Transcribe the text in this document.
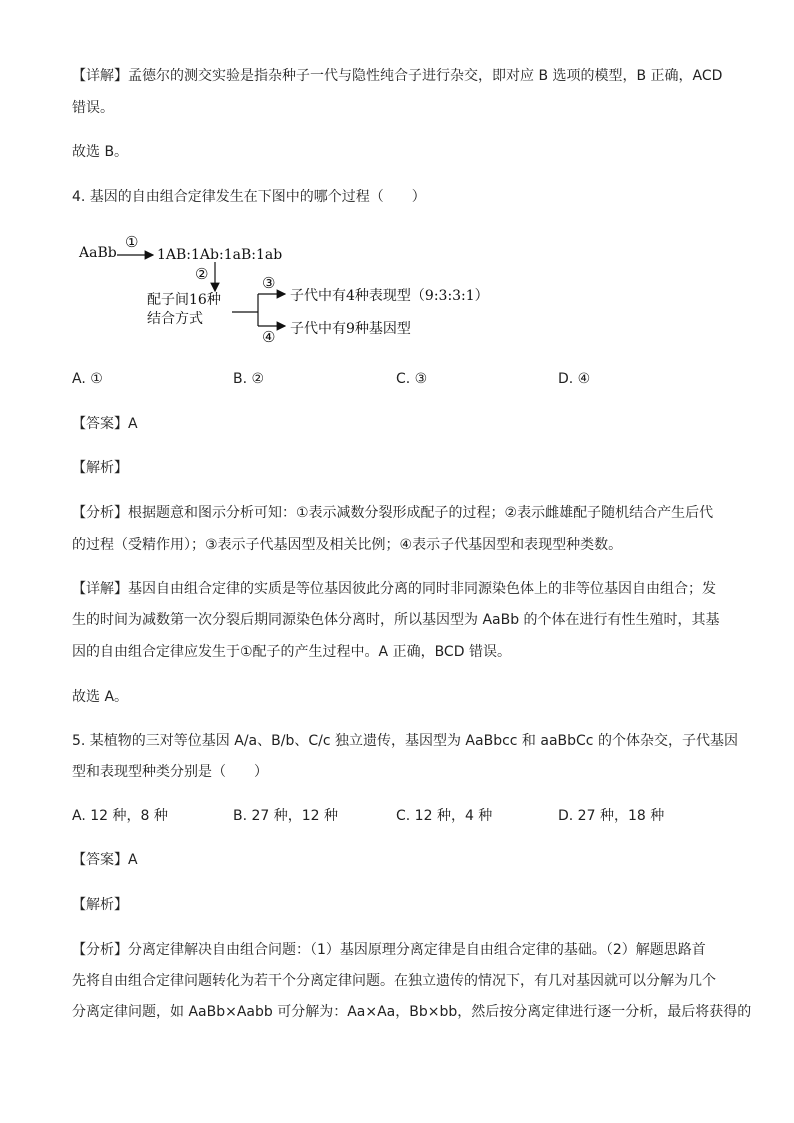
【详解】孟德尔的测交实验是指杂种子一代与隐性纯合子进行杂交，即对应 B 选项的模型，B 正确，ACD
错误。
故选 B。
4. 基因的自由组合定律发生在下图中的哪个过程（　　）
AaBb
①
1AB:1Ab:1aB:1ab
②
配子间16种
结合方式
③
子代中有4种表现型（9:3:3:1）
④ 子代中有9种基因型
A. ①	B. ②	C. ③	D. ④
【答案】A
【解析】
【分析】根据题意和图示分析可知：①表示减数分裂形成配子的过程；②表示雌雄配子随机结合产生后代
的过程（受精作用）；③表示子代基因型及相关比例；④表示子代基因型和表现型种类数。
【详解】基因自由组合定律的实质是等位基因彼此分离的同时非同源染色体上的非等位基因自由组合；发
生的时间为减数第一次分裂后期同源染色体分离时，所以基因型为 AaBb 的个体在进行有性生殖时，其基
因的自由组合定律应发生于①配子的产生过程中。A 正确，BCD 错误。
故选 A。
5. 某植物的三对等位基因 A/a、B/b、C/c 独立遗传，基因型为 AaBbcc 和 aaBbCc 的个体杂交，子代基因
型和表现型种类分别是（　　）
A. 12 种，8 种	B. 27 种，12 种	C. 12 种，4 种	D. 27 种，18 种
【答案】A
【解析】
【分析】分离定律解决自由组合问题：（1）基因原理分离定律是自由组合定律的基础。（2）解题思路首
先将自由组合定律问题转化为若干个分离定律问题。在独立遗传的情况下，有几对基因就可以分解为几个
分离定律问题，如 AaBb×Aabb 可分解为：Aa×Aa，Bb×bb，然后按分离定律进行逐一分析，最后将获得的
